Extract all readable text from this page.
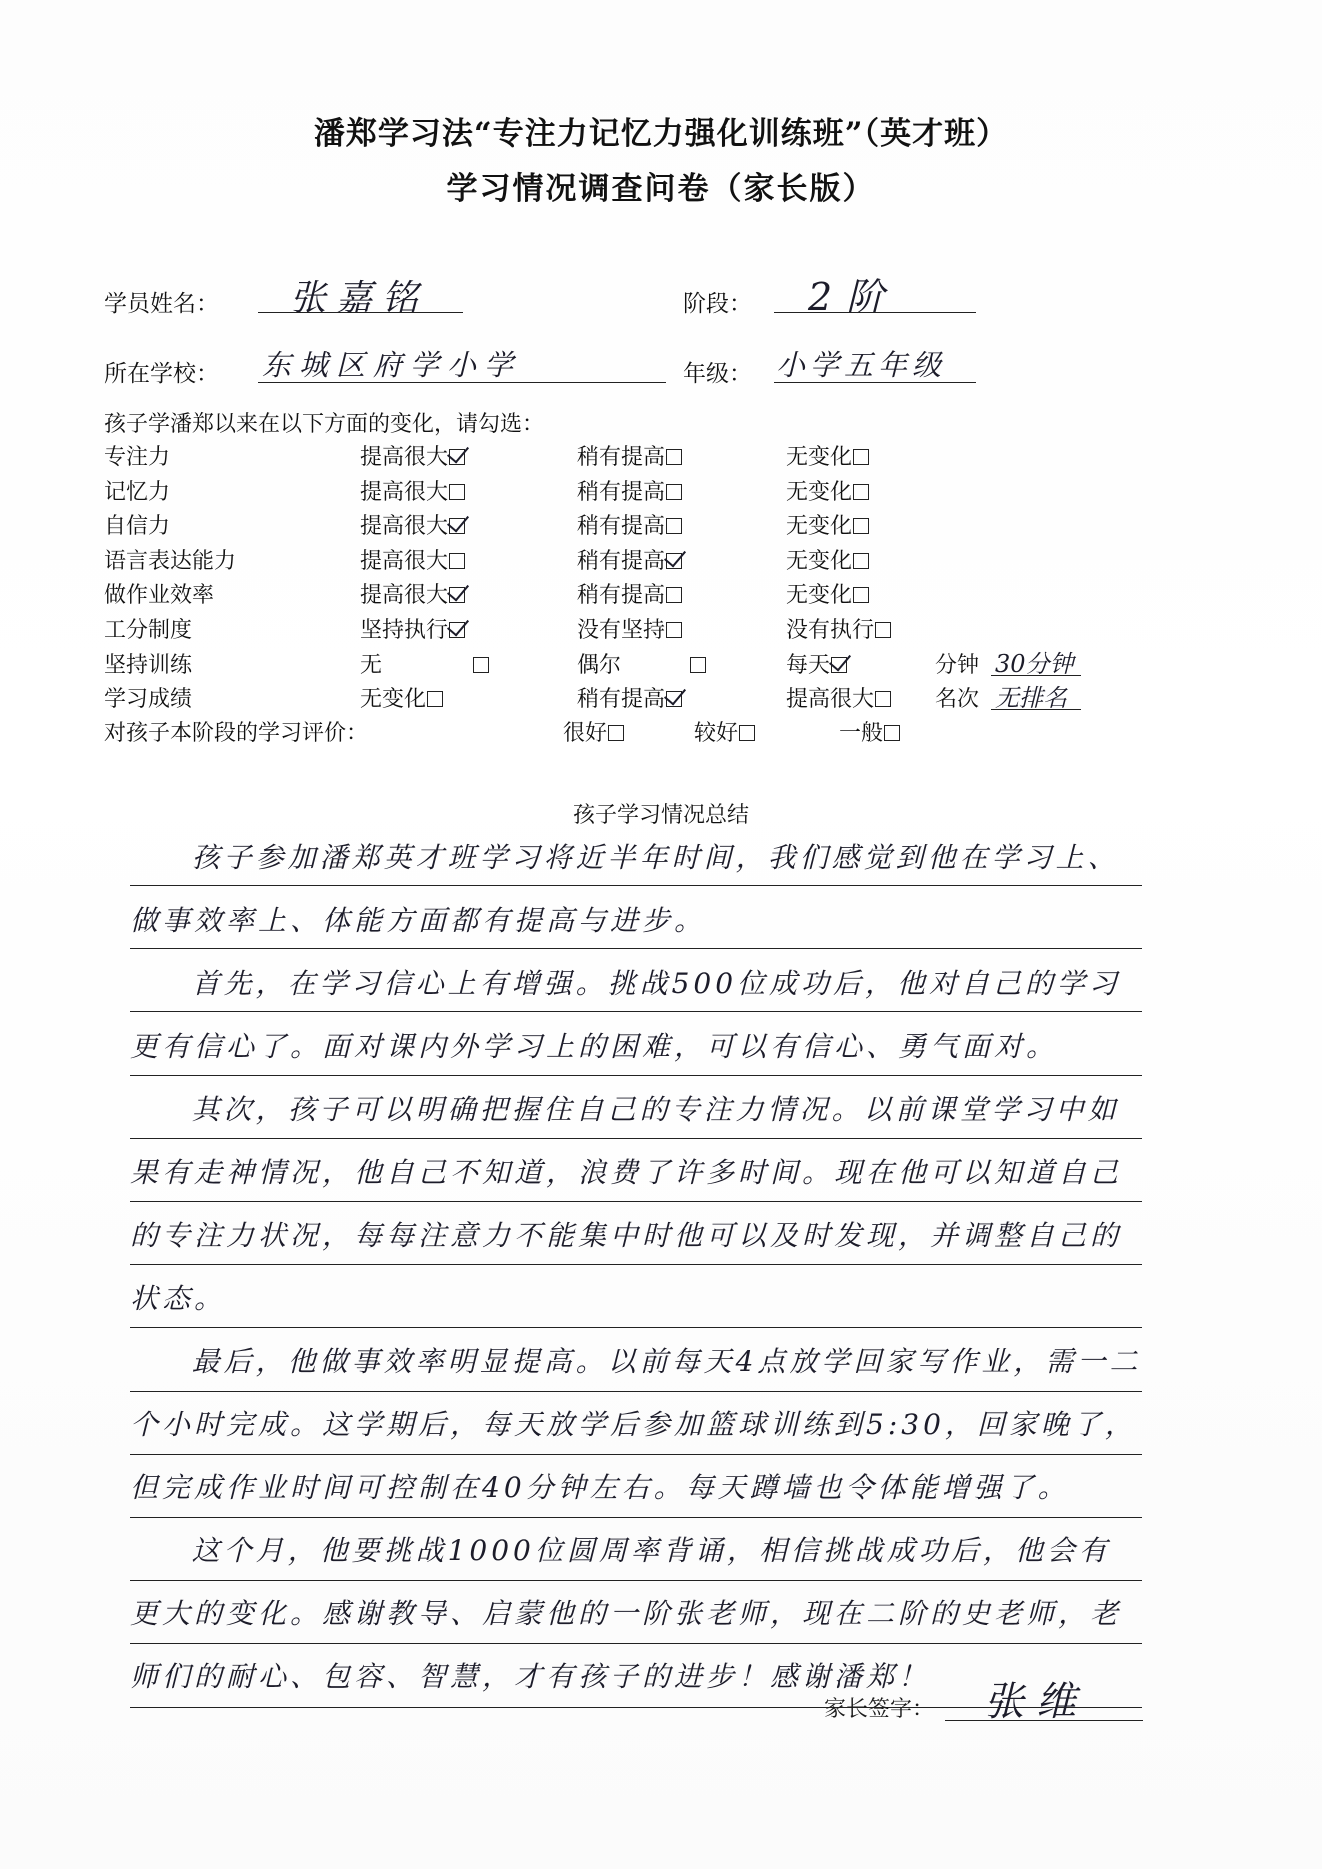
潘郑学习法“专注力记忆力强化训练班”（英才班）
学习情况调查问卷（家长版）
学员姓名： 张嘉铭	阶段： 2阶
所在学校： 东城区府学小学	年级： 小学五年级
孩子学潘郑以来在以下方面的变化，请勾选：
专注力	提高很大	稍有提高	无变化
记忆力	提高很大	稍有提高	无变化
自信力	提高很大	稍有提高	无变化
语言表达能力	提高很大	稍有提高	无变化
做作业效率	提高很大	稍有提高	无变化
工分制度	坚持执行	没有坚持	没有执行
坚持训练	无	偶尔	每天	分钟 30分钟
学习成绩	无变化	稍有提高	提高很大	名次 无排名
对孩子本阶段的学习评价：	很好	较好	一般
孩子学习情况总结
孩子参加潘郑英才班学习将近半年时间，我们感觉到他在学习上、做事效率上、体能方面都有提高与进步。
首先，在学习信心上有增强。挑战500位成功后，他对自己的学习更有信心了。面对课内外学习上的困难，可以有信心、勇气面对。
其次，孩子可以明确把握住自己的专注力情况。以前课堂学习中如果有走神情况，他自己不知道，浪费了许多时间。现在他可以知道自己的专注力状况，每每注意力不能集中时他可以及时发现，并调整自己的状态。
最后，他做事效率明显提高。以前每天4点放学回家写作业，需一二个小时完成。这学期后，每天放学后参加篮球训练到5:30，回家晚了，但完成作业时间可控制在40分钟左右。每天蹲墙也令体能增强了。
这个月，他要挑战1000位圆周率背诵，相信挑战成功后，他会有更大的变化。感谢教导、启蒙他的一阶张老师，现在二阶的史老师，老师们的耐心、包容、智慧，才有孩子的进步！感谢潘郑！
家长签字： 张维
